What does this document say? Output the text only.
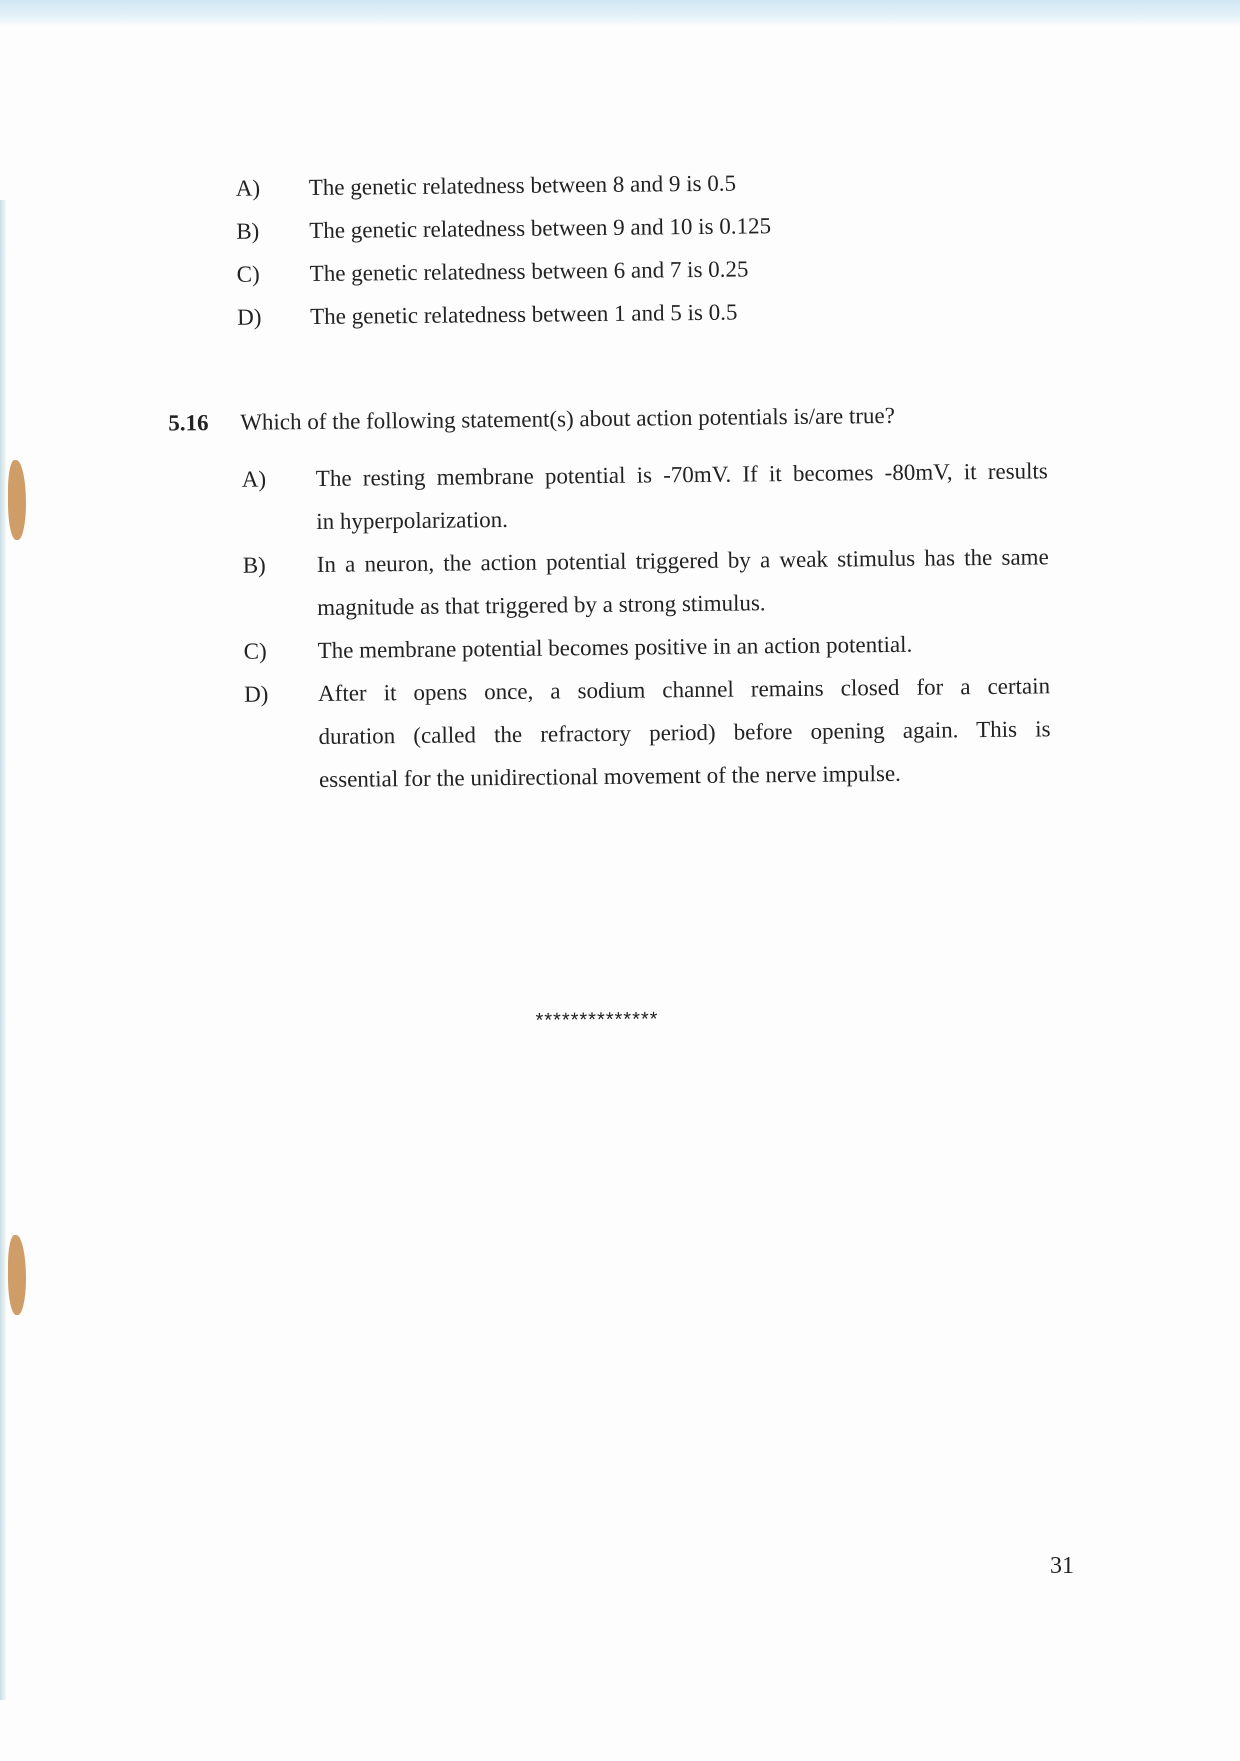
A) The genetic relatedness between 8 and 9 is 0.5
B) The genetic relatedness between 9 and 10 is 0.125
C) The genetic relatedness between 6 and 7 is 0.25
D) The genetic relatedness between 1 and 5 is 0.5
5.16 Which of the following statement(s) about action potentials is/are true?
A) The resting membrane potential is -70mV. If it becomes -80mV, it results
in hyperpolarization.
B) In a neuron, the action potential triggered by a weak stimulus has the same
magnitude as that triggered by a strong stimulus.
C) The membrane potential becomes positive in an action potential.
D) After it opens once, a sodium channel remains closed for a certain
duration (called the refractory period) before opening again. This is
essential for the unidirectional movement of the nerve impulse.
**************
31
